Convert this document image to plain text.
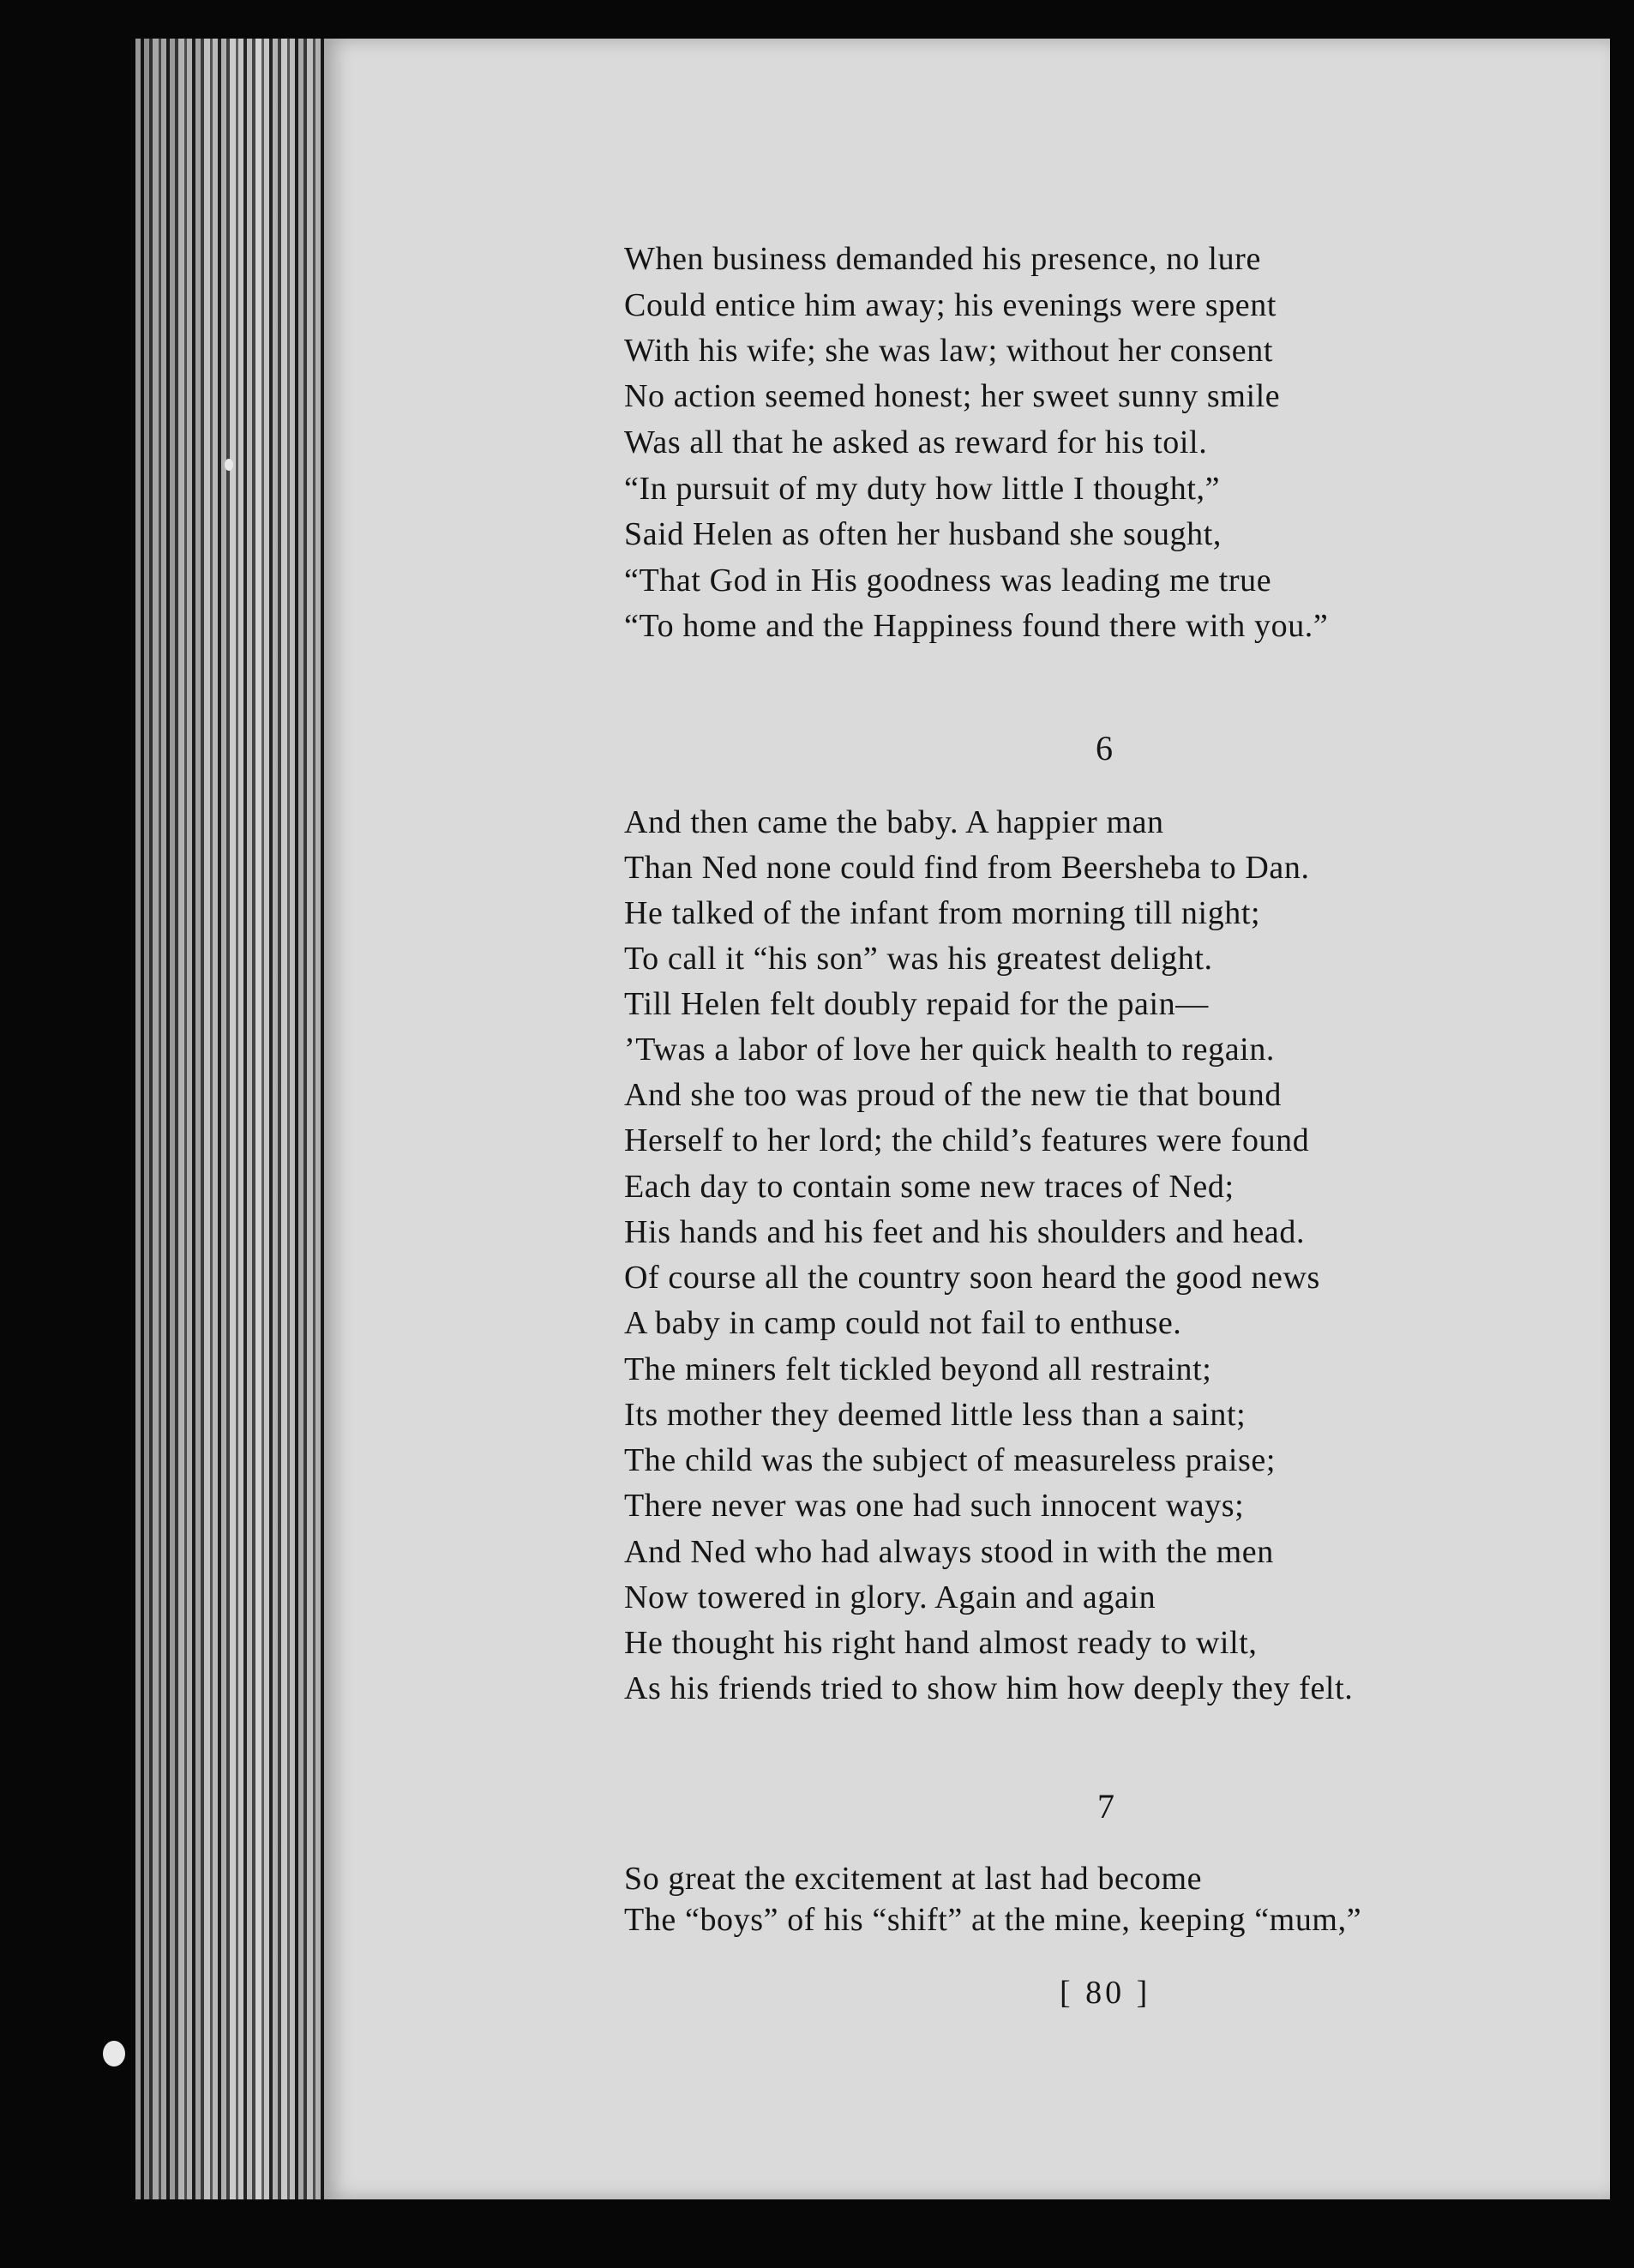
When business demanded his presence, no lure
Could entice him away; his evenings were spent
With his wife; she was law; without her consent
No action seemed honest; her sweet sunny smile
Was all that he asked as reward for his toil.
“In pursuit of my duty how little I thought,”
Said Helen as often her husband she sought,
“That God in His goodness was leading me true
“To home and the Happiness found there with you.”
And then came the baby. A happier man
Than Ned none could find from Beersheba to Dan.
He talked of the infant from morning till night;
To call it “his son” was his greatest delight.
Till Helen felt doubly repaid for the pain—
’Twas a labor of love her quick health to regain.
And she too was proud of the new tie that bound
Herself to her lord; the child’s features were found
Each day to contain some new traces of Ned;
His hands and his feet and his shoulders and head.
Of course all the country soon heard the good news
A baby in camp could not fail to enthuse.
The miners felt tickled beyond all restraint;
Its mother they deemed little less than a saint;
The child was the subject of measureless praise;
There never was one had such innocent ways;
And Ned who had always stood in with the men
Now towered in glory. Again and again
He thought his right hand almost ready to wilt,
As his friends tried to show him how deeply they felt.
So great the excitement at last had become
The “boys” of his “shift” at the mine, keeping “mum,”
6
7
[ 80 ]
